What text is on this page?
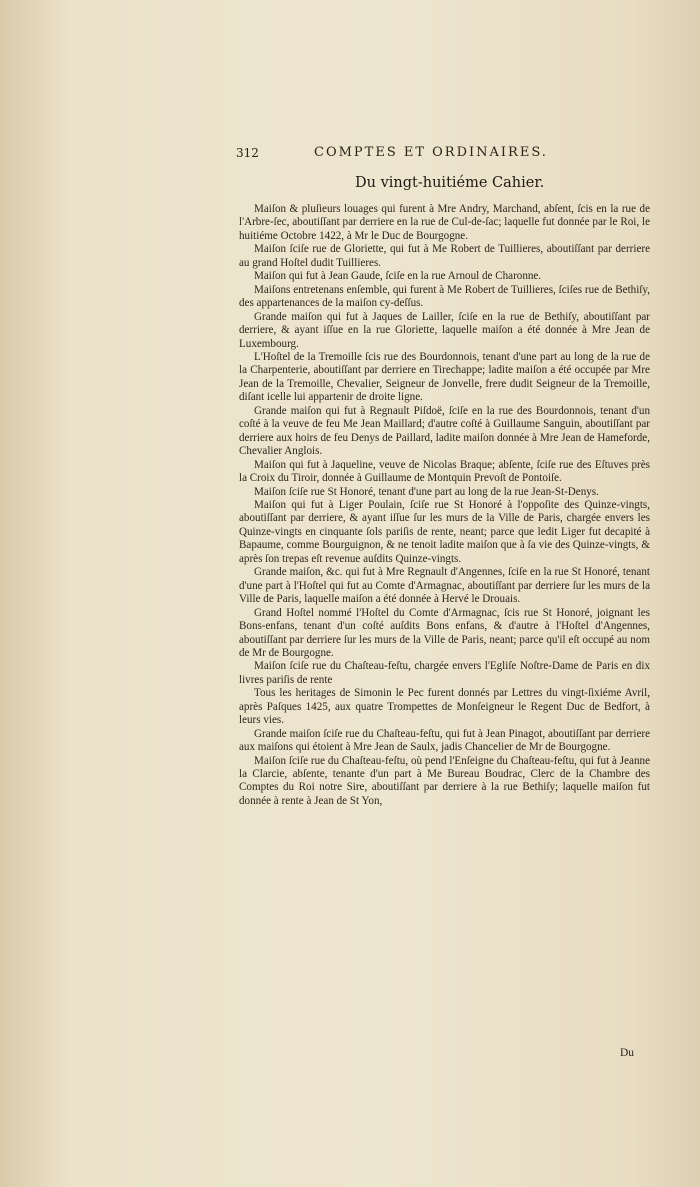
312	COMPTES ET ORDINAIRES.
Du vingt-huitiéme Cahier.

Maiſon & pluſieurs louages qui furent à Mre Andry, Marchand, abſent, ſcis en la rue de l'Arbre-ſec, aboutiſſant par derriere en la rue de Cul-de-ſac; laquelle fut donnée par le Roi, le huitiéme Octobre 1422, à Mr le Duc de Bourgogne.

Maiſon ſciſe rue de Gloriette, qui fut à Me Robert de Tuillieres, aboutiſſant par derriere au grand Hoſtel dudit Tuillieres.

Maiſon qui fut à Jean Gaude, ſciſe en la rue Arnoul de Charonne.

Maiſons entretenans enſemble, qui furent à Me Robert de Tuillieres, ſciſes rue de Bethiſy, des appartenances de la maiſon cy-deſſus.

Grande maiſon qui fut à Jaques de Lailler, ſciſe en la rue de Bethiſy, aboutiſſant par derriere, & ayant iſſue en la rue Gloriette, laquelle maiſon a été donnée à Mre Jean de Luxembourg.

L'Hoſtel de la Tremoille ſcis rue des Bourdonnois, tenant d'une part au long de la rue de la Charpenterie, aboutiſſant par derriere en Tirechappe; ladite maiſon a été occupée par Mre Jean de la Tremoille, Chevalier, Seigneur de Jonvelle, frere dudit Seigneur de la Tremoille, diſant icelle lui appartenir de droite ligne.

Grande maiſon qui fut à Regnault Piſdoë, ſciſe en la rue des Bourdonnois, tenant d'un coſté à la veuve de feu Me Jean Maillard; d'autre coſté à Guillaume Sanguin, aboutiſſant par derriere aux hoirs de feu Denys de Paillard, ladite maiſon donnée à Mre Jean de Hameforde, Chevalier Anglois.

Maiſon qui fut à Jaqueline, veuve de Nicolas Braque; abſente, ſciſe rue des Eſtuves près la Croix du Tiroir, donnée à Guillaume de Montquin Prevoſt de Pontoiſe.

Maiſon ſciſe rue St Honoré, tenant d'une part au long de la rue Jean-St-Denys.

Maiſon qui fut à Liger Poulain, ſciſe rue St Honoré à l'oppoſite des Quinze-vingts, aboutiſſant par derriere, & ayant iſſue ſur les murs de la Ville de Paris, chargée envers les Quinze-vingts en cinquante ſols pariſis de rente, neant; parce que ledit Liger fut decapité à Bapaume, comme Bourguignon, & ne tenoit ladite maiſon que à ſa vie des Quinze-vingts, & après ſon trepas eſt revenue auſdits Quinze-vingts.

Grande maiſon, &c. qui fut à Mre Regnault d'Angennes, ſciſe en la rue St Honoré, tenant d'une part à l'Hoſtel qui fut au Comte d'Armagnac, aboutiſſant par derriere ſur les murs de la Ville de Paris, laquelle maiſon a été donnée à Hervé le Drouais.

Grand Hoſtel nommé l'Hoſtel du Comte d'Armagnac, ſcis rue St Honoré, joignant les Bons-enfans, tenant d'un coſté auſdits Bons enfans, & d'autre à l'Hoſtel d'Angennes, aboutiſſant par derriere ſur les murs de la Ville de Paris, neant; parce qu'il eſt occupé au nom de Mr de Bourgogne.

Maiſon ſciſe rue du Chaſteau-feſtu, chargée envers l'Egliſe Noſtre-Dame de Paris en dix livres pariſis de rente

Tous les heritages de Simonin le Pec furent donnés par Lettres du vingt-ſixiéme Avril, après Paſques 1425, aux quatre Trompettes de Monſeigneur le Regent Duc de Bedfort, à leurs vies.

Grande maiſon ſciſe rue du Chaſteau-feſtu, qui fut à Jean Pinagot, aboutiſſant par derriere aux maiſons qui étoient à Mre Jean de Saulx, jadis Chancelier de Mr de Bourgogne.

Maiſon ſciſe rue du Chaſteau-feſtu, où pend l'Enſeigne du Chaſteau-feſtu, qui fut à Jeanne la Clarcie, abſente, tenante d'un part à Me Bureau Boudrac, Clerc de la Chambre des Comptes du Roi notre Sire, aboutiſſant par derriere à la rue Bethiſy; laquelle maiſon fut donnée à rente à Jean de St Yon,

Du
